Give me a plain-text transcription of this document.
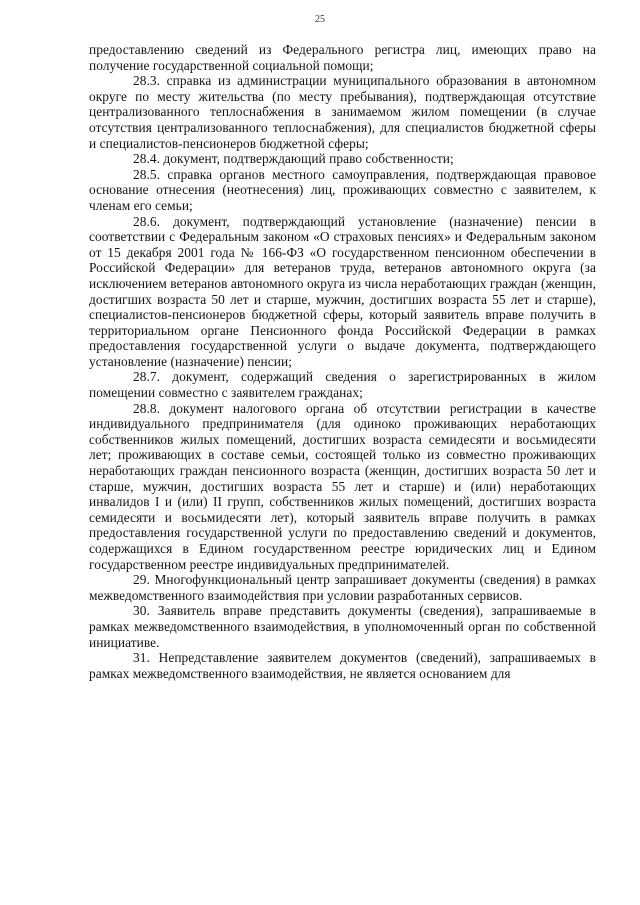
25

предоставлению сведений из Федерального регистра лиц, имеющих право на получение государственной социальной помощи;

28.3. справка из администрации муниципального образования в автономном округе по месту жительства (по месту пребывания), подтверждающая отсутствие централизованного теплоснабжения в занимаемом жилом помещении (в случае отсутствия централизованного теплоснабжения), для специалистов бюджетной сферы и специалистов-пенсионеров бюджетной сферы;

28.4. документ, подтверждающий право собственности;

28.5. справка органов местного самоуправления, подтверждающая правовое основание отнесения (неотнесения) лиц, проживающих совместно с заявителем, к членам его семьи;

28.6. документ, подтверждающий установление (назначение) пенсии в соответствии с Федеральным законом «О страховых пенсиях» и Федеральным законом от 15 декабря 2001 года № 166-ФЗ «О государственном пенсионном обеспечении в Российской Федерации» для ветеранов труда, ветеранов автономного округа (за исключением ветеранов автономного округа из числа неработающих граждан (женщин, достигших возраста 50 лет и старше, мужчин, достигших возраста 55 лет и старше), специалистов-пенсионеров бюджетной сферы, который заявитель вправе получить в территориальном органе Пенсионного фонда Российской Федерации в рамках предоставления государственной услуги о выдаче документа, подтверждающего установление (назначение) пенсии;

28.7. документ, содержащий сведения о зарегистрированных в жилом помещении совместно с заявителем гражданах;

28.8. документ налогового органа об отсутствии регистрации в качестве индивидуального предпринимателя (для одиноко проживающих неработающих собственников жилых помещений, достигших возраста семидесяти и восьмидесяти лет; проживающих в составе семьи, состоящей только из совместно проживающих неработающих граждан пенсионного возраста (женщин, достигших возраста 50 лет и старше, мужчин, достигших возраста 55 лет и старше) и (или) неработающих инвалидов I и (или) II групп, собственников жилых помещений, достигших возраста семидесяти и восьмидесяти лет), который заявитель вправе получить в рамках предоставления государственной услуги по предоставлению сведений и документов, содержащихся в Едином государственном реестре юридических лиц и Едином государственном реестре индивидуальных предпринимателей.

29. Многофункциональный центр запрашивает документы (сведения) в рамках межведомственного взаимодействия при условии разработанных сервисов.

30. Заявитель вправе представить документы (сведения), запрашиваемые в рамках межведомственного взаимодействия, в уполномоченный орган по собственной инициативе.

31. Непредставление заявителем документов (сведений), запрашиваемых в рамках межведомственного взаимодействия, не является основанием для
